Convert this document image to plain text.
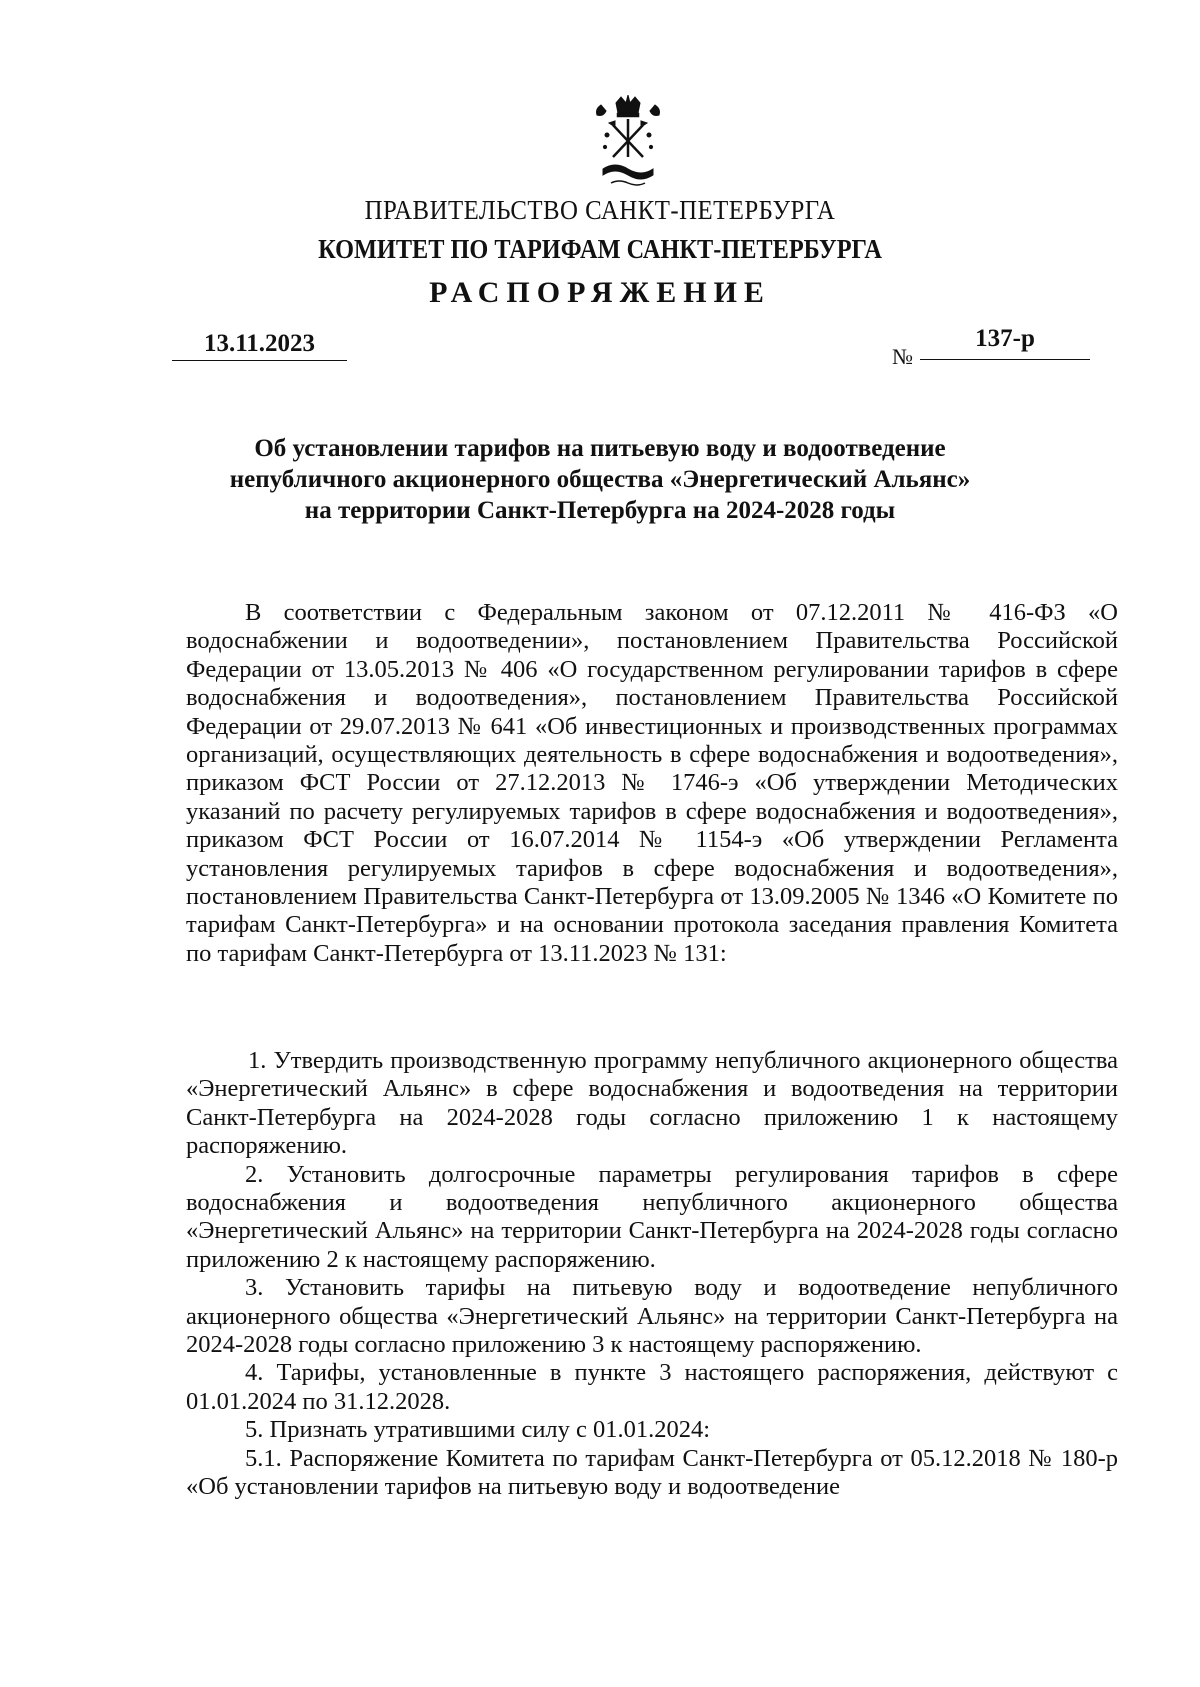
ПРАВИТЕЛЬСТВО САНКТ-ПЕТЕРБУРГА
КОМИТЕТ ПО ТАРИФАМ САНКТ-ПЕТЕРБУРГА
РАСПОРЯЖЕНИЕ
13.11.2023	№
137-р
Об установлении тарифов на питьевую воду и водоотведение
непубличного акционерного общества «Энергетический Альянс»
на территории Санкт-Петербурга на 2024-2028 годы

В соответствии с Федеральным законом от 07.12.2011 № 416-ФЗ «О водоснабжении и водоотведении», постановлением Правительства Российской Федерации от 13.05.2013 № 406 «О государственном регулировании тарифов в сфере водоснабжения и водоотведения», постановлением Правительства Российской Федерации от 29.07.2013 № 641 «Об инвестиционных и производственных программах организаций, осуществляющих деятельность в сфере водоснабжения и водоотведения», приказом ФСТ России от 27.12.2013 № 1746-э «Об утверждении Методических указаний по расчету регулируемых тарифов в сфере водоснабжения и водоотведения», приказом ФСТ России от 16.07.2014 № 1154-э «Об утверждении Регламента установления регулируемых тарифов в сфере водоснабжения и водоотведения», постановлением Правительства Санкт-Петербурга от 13.09.2005 № 1346 «О Комитете по тарифам Санкт-Петербурга» и на основании протокола заседания правления Комитета по тарифам Санкт-Петербурга от 13.11.2023 № 131:

1. Утвердить производственную программу непубличного акционерного общества «Энергетический Альянс» в сфере водоснабжения и водоотведения на территории Санкт-Петербурга на 2024-2028 годы согласно приложению 1 к настоящему распоряжению.

2. Установить долгосрочные параметры регулирования тарифов в сфере водоснабжения и водоотведения непубличного акционерного общества «Энергетический Альянс» на территории Санкт-Петербурга на 2024-2028 годы согласно приложению 2 к настоящему распоряжению.

3. Установить тарифы на питьевую воду и водоотведение непубличного акционерного общества «Энергетический Альянс» на территории Санкт-Петербурга на 2024-2028 годы согласно приложению 3 к настоящему распоряжению.

4. Тарифы, установленные в пункте 3 настоящего распоряжения, действуют с 01.01.2024 по 31.12.2028.

5. Признать утратившими силу с 01.01.2024:

5.1. Распоряжение Комитета по тарифам Санкт-Петербурга от 05.12.2018 № 180-р «Об установлении тарифов на питьевую воду и водоотведение
